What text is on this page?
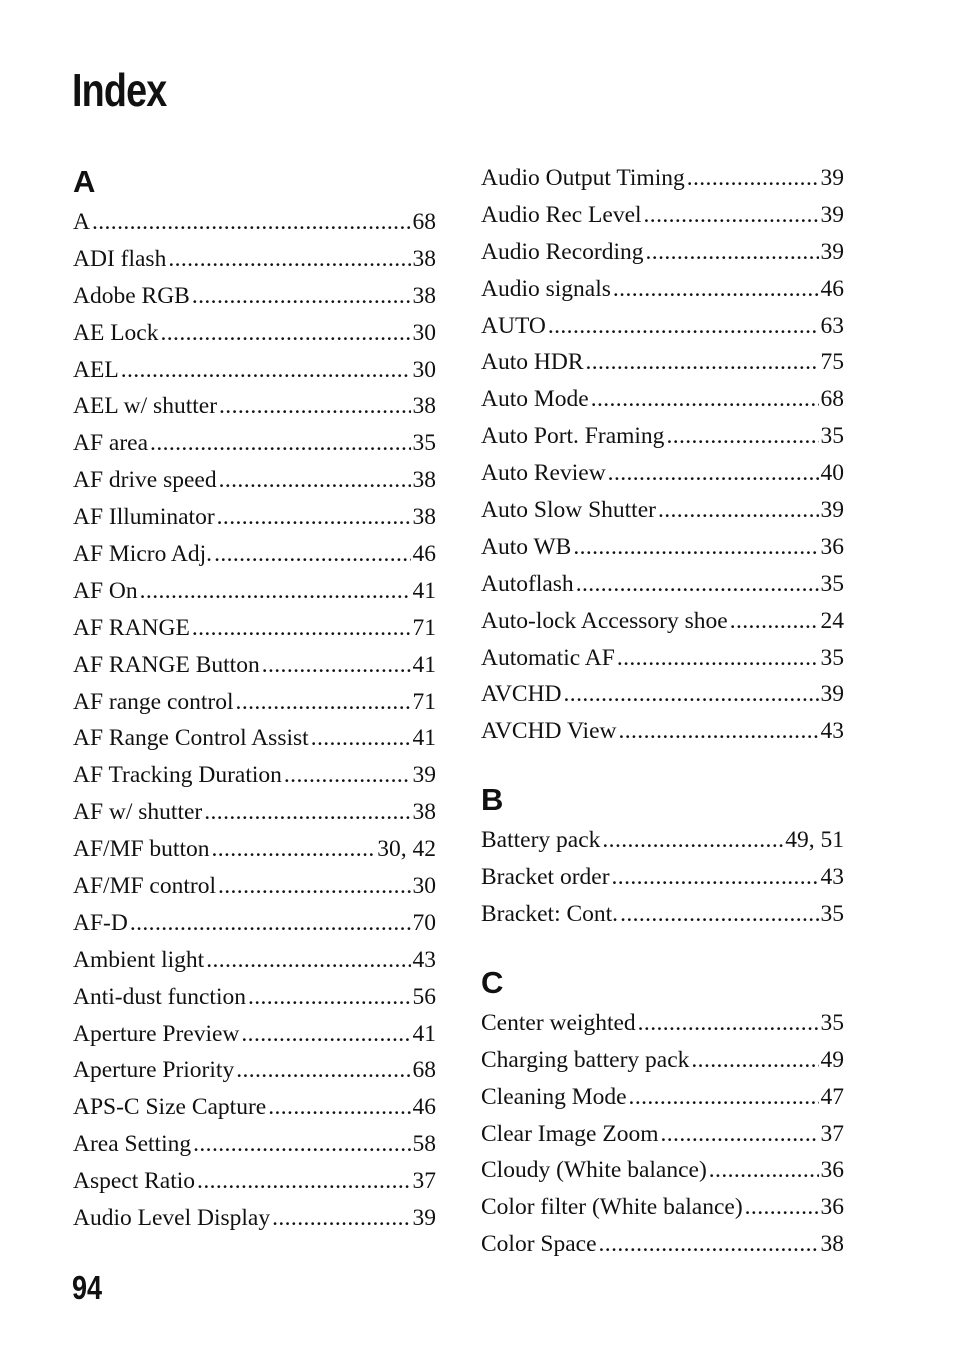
Index
A
A .....	68
ADI flash .....	38
Adobe RGB .....	38
AE Lock .....	30
AEL .....	30
AEL w/ shutter .....	38
AF area .....	35
AF drive speed .....	38
AF Illuminator .....	38
AF Micro Adj. .....	46
AF On .....	41
AF RANGE .....	71
AF RANGE Button .....	41
AF range control .....	71
AF Range Control Assist .....	41
AF Tracking Duration .....	39
AF w/ shutter .....	38
AF/MF button .....	30, 42
AF/MF control .....	30
AF-D .....	70
Ambient light .....	43
Anti-dust function .....	56
Aperture Preview .....	41
Aperture Priority .....	68
APS-C Size Capture .....	46
Area Setting .....	58
Aspect Ratio .....	37
Audio Level Display .....	39
Audio Output Timing .....	39
Audio Rec Level .....	39
Audio Recording .....	39
Audio signals .....	46
AUTO .....	63
Auto HDR .....	75
Auto Mode .....	68
Auto Port. Framing .....	35
Auto Review .....	40
Auto Slow Shutter .....	39
Auto WB .....	36
Autoflash .....	35
Auto-lock Accessory shoe .....	24
Automatic AF .....	35
AVCHD .....	39
AVCHD View .....	43
B
Battery pack .....	49, 51
Bracket order .....	43
Bracket: Cont. .....	35
C
Center weighted .....	35
Charging battery pack .....	49
Cleaning Mode .....	47
Clear Image Zoom .....	37
Cloudy (White balance) .....	36
Color filter (White balance) .....	36
Color Space .....	38
94
